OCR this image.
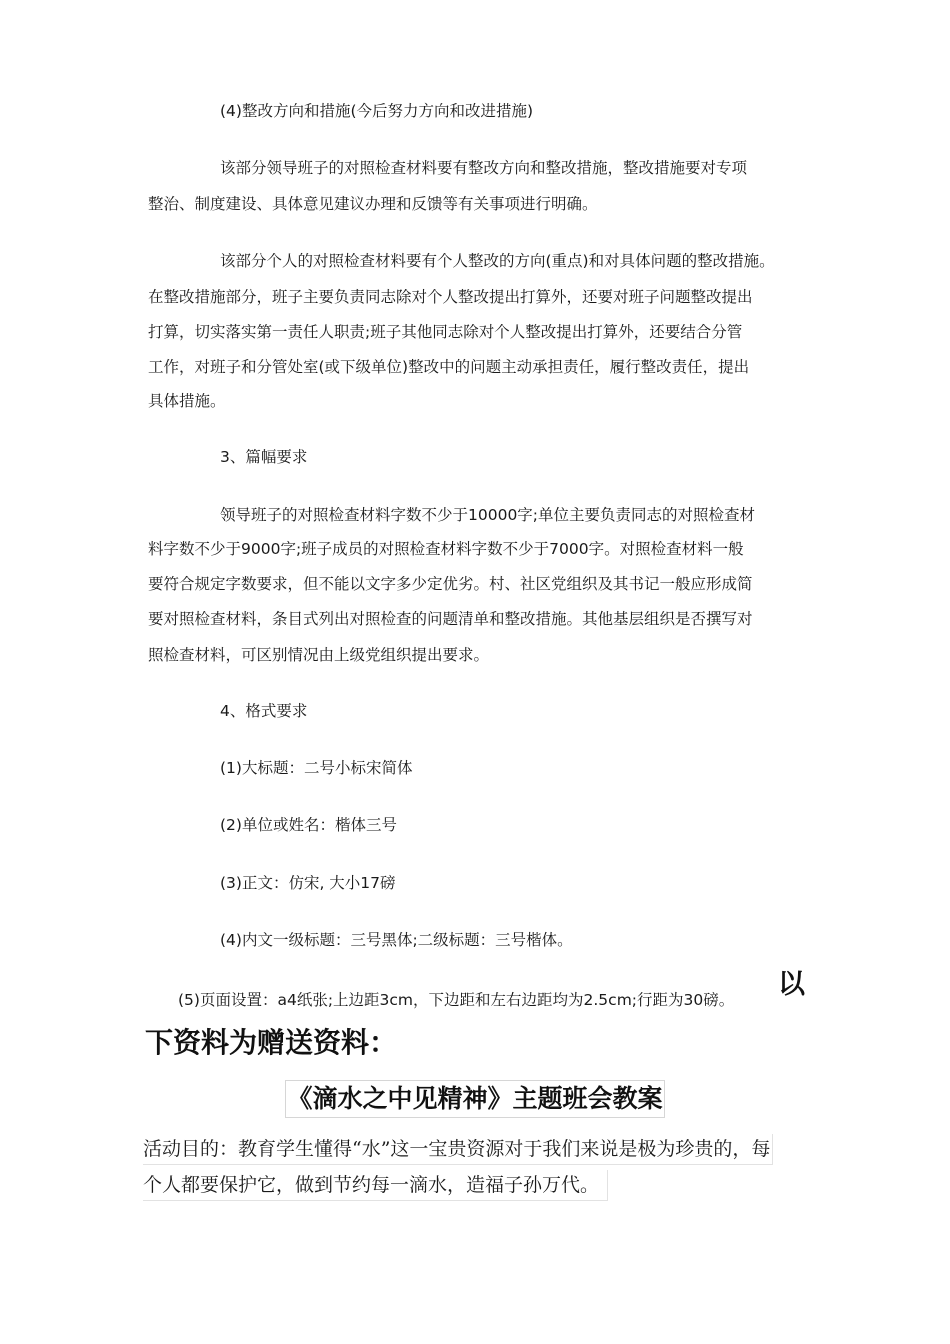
(4)整改方向和措施(今后努力方向和改进措施)
该部分领导班子的对照检查材料要有整改方向和整改措施，整改措施要对专项
整治、制度建设、具体意见建议办理和反馈等有关事项进行明确。
该部分个人的对照检查材料要有个人整改的方向(重点)和对具体问题的整改措施。
在整改措施部分，班子主要负责同志除对个人整改提出打算外，还要对班子问题整改提出
打算，切实落实第一责任人职责;班子其他同志除对个人整改提出打算外，还要结合分管
工作，对班子和分管处室(或下级单位)整改中的问题主动承担责任，履行整改责任，提出
具体措施。
3、篇幅要求
领导班子的对照检查材料字数不少于10000字;单位主要负责同志的对照检查材
料字数不少于9000字;班子成员的对照检查材料字数不少于7000字。对照检查材料一般
要符合规定字数要求，但不能以文字多少定优劣。村、社区党组织及其书记一般应形成简
要对照检查材料，条目式列出对照检查的问题清单和整改措施。其他基层组织是否撰写对
照检查材料，可区别情况由上级党组织提出要求。
4、格式要求
(1)大标题：二号小标宋简体
(2)单位或姓名：楷体三号
(3)正文：仿宋, 大小17磅
(4)内文一级标题：三号黑体;二级标题：三号楷体。
(5)页面设置：a4纸张;上边距3cm，下边距和左右边距均为2.5cm;行距为30磅。 以
下资料为赠送资料：
《滴水之中见精神》主题班会教案
活动目的：教育学生懂得“水”这一宝贵资源对于我们来说是极为珍贵的，每
个人都要保护它，做到节约每一滴水，造福子孙万代。
